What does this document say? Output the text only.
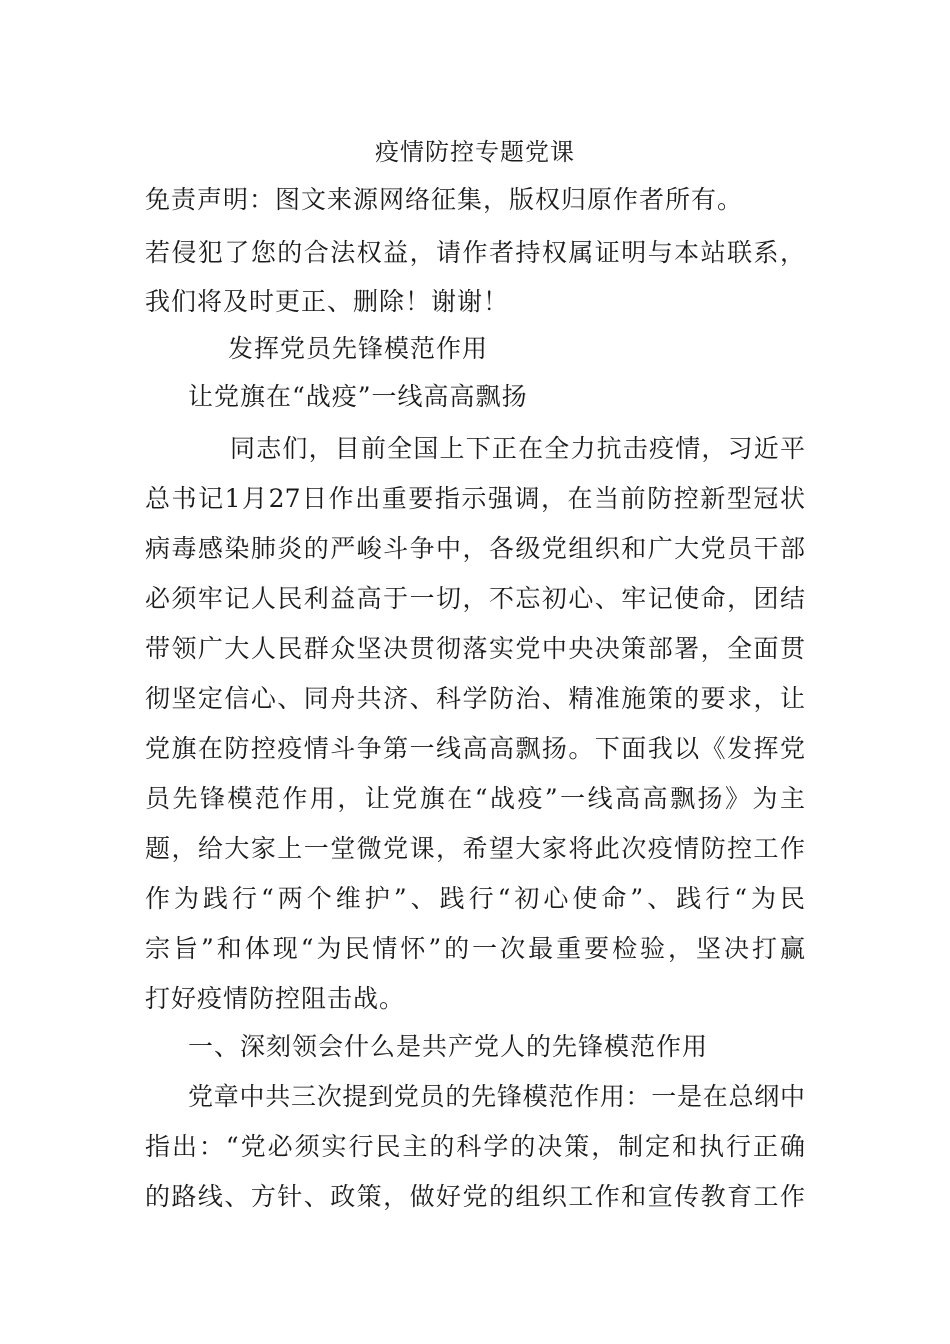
疫情防控专题党课
免责声明：图文来源网络征集，版权归原作者所有。
若侵犯了您的合法权益，请作者持权属证明与本站联系，
我们将及时更正、删除！谢谢！
发挥党员先锋模范作用
让党旗在“战疫”一线高高飘扬
同志们，目前全国上下正在全力抗击疫情，习近平
总书记1月27日作出重要指示强调，在当前防控新型冠状
病毒感染肺炎的严峻斗争中，各级党组织和广大党员干部
必须牢记人民利益高于一切，不忘初心、牢记使命，团结
带领广大人民群众坚决贯彻落实党中央决策部署，全面贯
彻坚定信心、同舟共济、科学防治、精准施策的要求，让
党旗在防控疫情斗争第一线高高飘扬。下面我以《发挥党
员先锋模范作用，让党旗在“战疫”一线高高飘扬》为主
题，给大家上一堂微党课，希望大家将此次疫情防控工作
作为践行“两个维护”、践行“初心使命”、践行“为民
宗旨”和体现“为民情怀”的一次最重要检验，坚决打赢
打好疫情防控阻击战。
一、深刻领会什么是共产党人的先锋模范作用
党章中共三次提到党员的先锋模范作用：一是在总纲中
指出：“党必须实行民主的科学的决策，制定和执行正确
的路线、方针、政策，做好党的组织工作和宣传教育工作
